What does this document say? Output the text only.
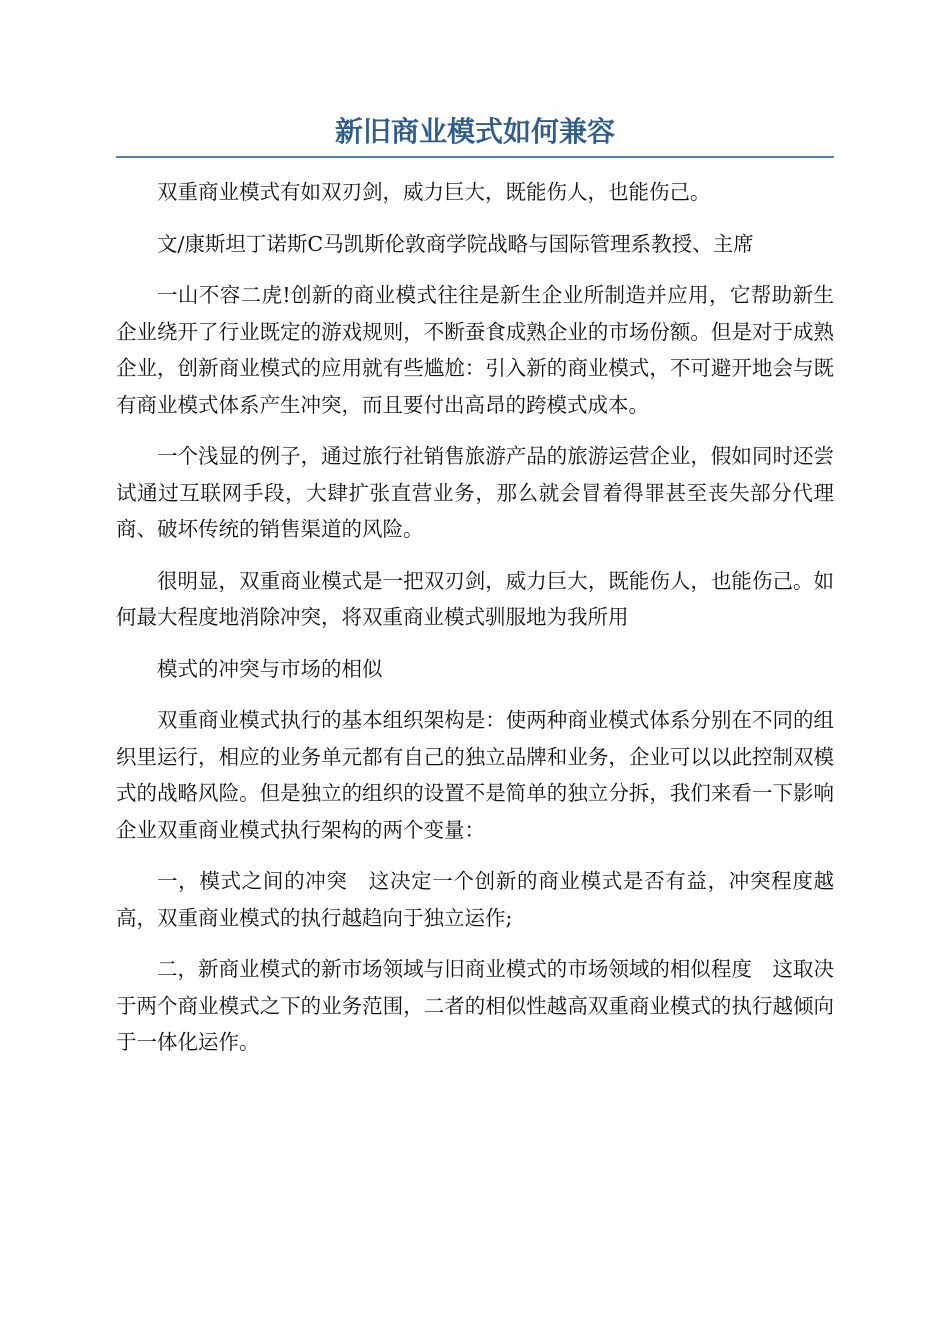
新旧商业模式如何兼容

双重商业模式有如双刃剑，威力巨大，既能伤人，也能伤己。

文/康斯坦丁诺斯C马凯斯伦敦商学院战略与国际管理系教授、主席

一山不容二虎!创新的商业模式往往是新生企业所制造并应用，它帮助新生企业绕开了行业既定的游戏规则，不断蚕食成熟企业的市场份额。但是对于成熟企业，创新商业模式的应用就有些尴尬：引入新的商业模式，不可避开地会与既有商业模式体系产生冲突，而且要付出高昂的跨模式成本。

一个浅显的例子，通过旅行社销售旅游产品的旅游运营企业，假如同时还尝试通过互联网手段，大肆扩张直营业务，那么就会冒着得罪甚至丧失部分代理商、破坏传统的销售渠道的风险。

很明显，双重商业模式是一把双刃剑，威力巨大，既能伤人，也能伤己。如何最大程度地消除冲突，将双重商业模式驯服地为我所用

模式的冲突与市场的相似

双重商业模式执行的基本组织架构是：使两种商业模式体系分别在不同的组织里运行，相应的业务单元都有自己的独立品牌和业务，企业可以以此控制双模式的战略风险。但是独立的组织的设置不是简单的独立分拆，我们来看一下影响企业双重商业模式执行架构的两个变量：

一，模式之间的冲突　这决定一个创新的商业模式是否有益，冲突程度越高，双重商业模式的执行越趋向于独立运作;

二，新商业模式的新市场领域与旧商业模式的市场领域的相似程度　这取决于两个商业模式之下的业务范围，二者的相似性越高双重商业模式的执行越倾向于一体化运作。
